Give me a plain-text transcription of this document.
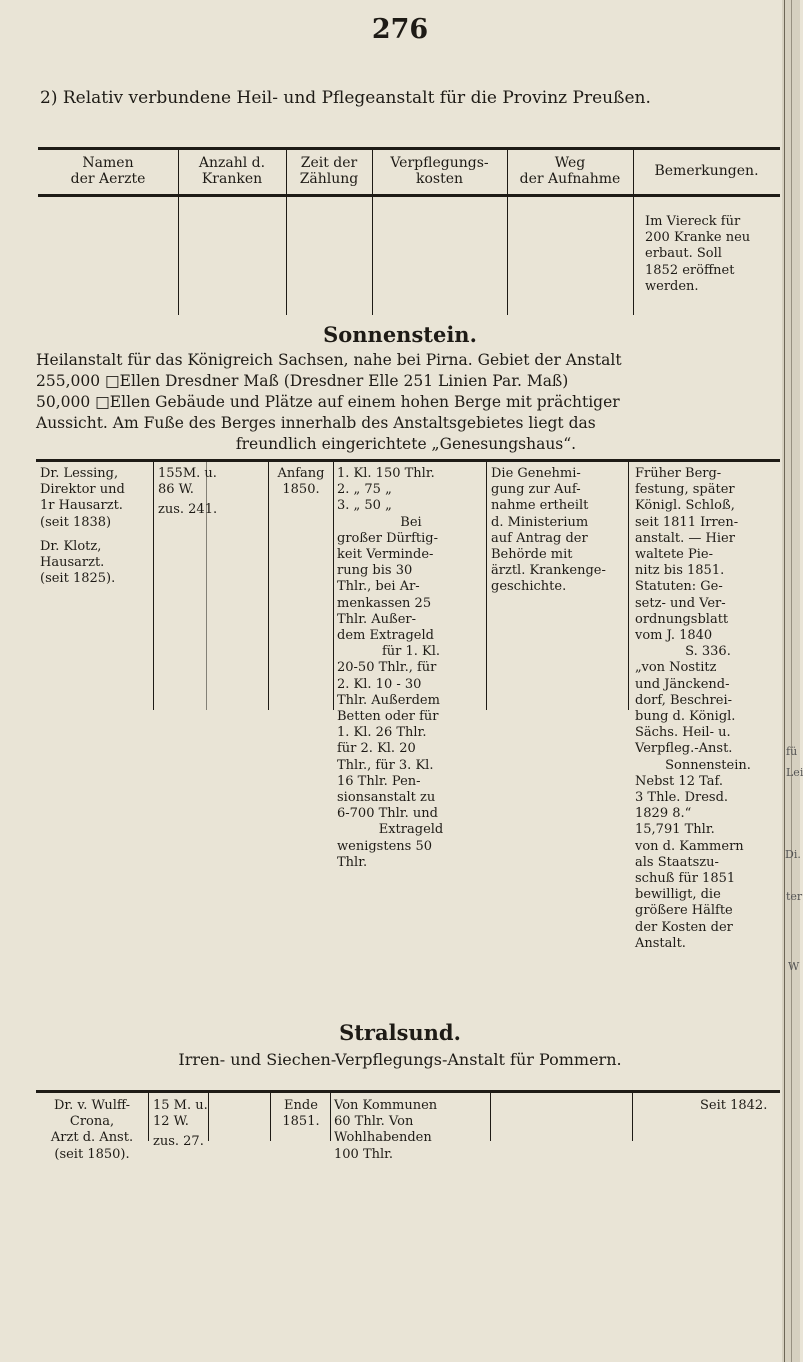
fü
Lei
Di.
ter
W
276
2) Relativ verbundene Heil- und Pflegeanstalt für die Provinz Preußen.
Namen
der Aerzte
Anzahl d.
Kranken
Zeit der
Zählung
Verpflegungs-
kosten
Weg
der Aufnahme	Bemerkungen.
Im Viereck für
200 Kranke neu
erbaut. Soll
1852 eröffnet
werden.
Sonnenstein.
Heilanstalt für das Königreich Sachsen, nahe bei Pirna. Gebiet der Anstalt
255,000 □Ellen Dresdner Maß (Dresdner Elle 251 Linien Par. Maß)
50,000 □Ellen Gebäude und Plätze auf einem hohen Berge mit prächtiger
Aussicht. Am Fuße des Berges innerhalb des Anstaltsgebietes liegt das
freundlich eingerichtete „Genesungshaus“.
Dr. Lessing,
Direktor und
1r Hausarzt.
(seit 1838)
Dr. Klotz,
Hausarzt.
(seit 1825).
155M. u.
86 W.
zus. 241.
Anfang
1850.
1. Kl. 150 Thlr.
2. „ 75 „
3. „ 50 „
Bei
großer Dürftig-
keit Verminde-
rung bis 30
Thlr., bei Ar-
menkassen 25
Thlr. Außer-
dem Extrageld
für 1. Kl.
20-50 Thlr., für
2. Kl. 10 - 30
Thlr. Außerdem
Betten oder für
1. Kl. 26 Thlr.
für 2. Kl. 20
Thlr., für 3. Kl.
16 Thlr. Pen-
sionsanstalt zu
6-700 Thlr. und
Extrageld
wenigstens 50
Thlr.
Die Genehmi-
gung zur Auf-
nahme ertheilt
d. Ministerium
auf Antrag der
Behörde mit
ärztl. Krankenge-
geschichte.
Früher Berg-
festung, später
Königl. Schloß,
seit 1811 Irren-
anstalt. — Hier
waltete Pie-
nitz bis 1851.
Statuten: Ge-
setz- und Ver-
ordnungsblatt
vom J. 1840
S. 336.
„von Nostitz
und Jänckend-
dorf, Beschrei-
bung d. Königl.
Sächs. Heil- u.
Verpfleg.-Anst.
Sonnenstein.
Nebst 12 Taf.
3 Thle. Dresd.
1829 8.“
15,791 Thlr.
von d. Kammern
als Staatszu-
schuß für 1851
bewilligt, die
größere Hälfte
der Kosten der
Anstalt.
Stralsund.
Irren- und Siechen-Verpflegungs-Anstalt für Pommern.
Dr. v. Wulff-
Crona,
Arzt d. Anst.
(seit 1850).
15 M. u.
12 W.
zus. 27.
Ende
1851.
Von Kommunen
60 Thlr. Von
Wohlhabenden
100 Thlr.
Seit 1842.
